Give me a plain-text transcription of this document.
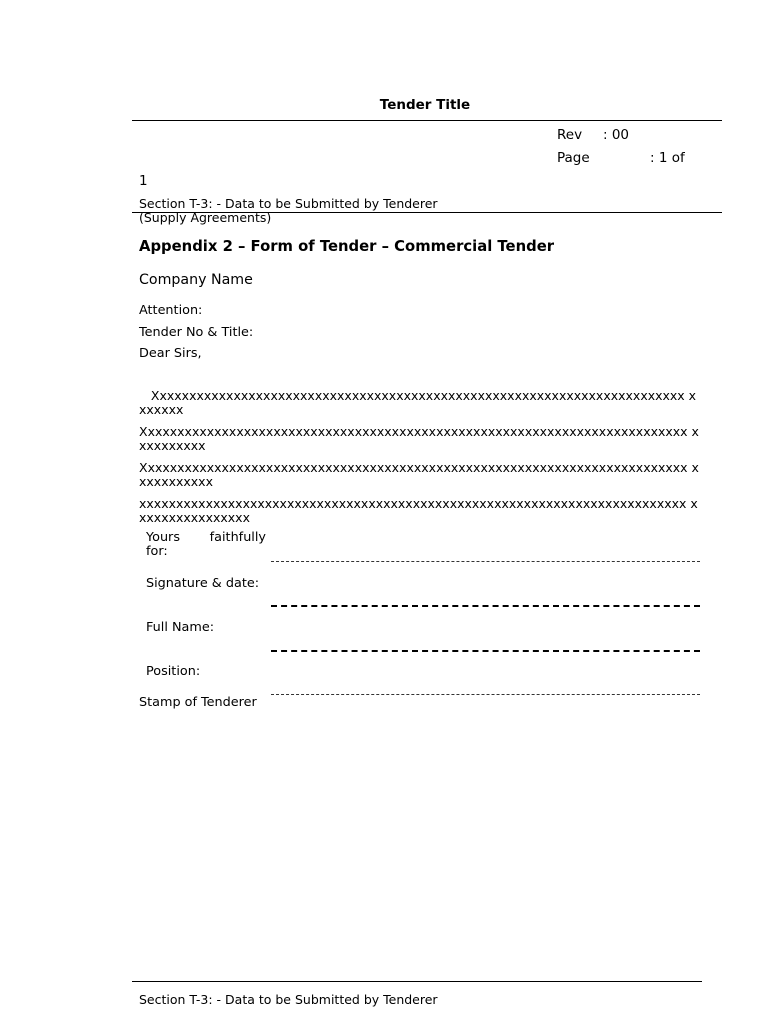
Tender Title
Rev : 00
Page	: 1 of
1
Section T-3: - Data to be Submitted by Tenderer (Supply Agreements)
Appendix 2 – Form of Tender – Commercial Tender
Company Name
Attention:
Tender No & Title:
Dear Sirs,
Xxxxxxxxxxxxxxxxxxxxxxxxxxxxxxxxxxxxxxxxxxxxxxxxxxxxxxxxxxxxxxxxxxxxxxxx xxxxxxx
Xxxxxxxxxxxxxxxxxxxxxxxxxxxxxxxxxxxxxxxxxxxxxxxxxxxxxxxxxxxxxxxxxxxxxxxxxx xxxxxxxxxx
Xxxxxxxxxxxxxxxxxxxxxxxxxxxxxxxxxxxxxxxxxxxxxxxxxxxxxxxxxxxxxxxxxxxxxxxxxx xxxxxxxxxxx
xxxxxxxxxxxxxxxxxxxxxxxxxxxxxxxxxxxxxxxxxxxxxxxxxxxxxxxxxxxxxxxxxxxxxxxxxx xxxxxxxxxxxxxxxx
Yours faithfully
for:
Signature & date:
Full Name:
Position:
Stamp of Tenderer
Section T-3: - Data to be Submitted by Tenderer
